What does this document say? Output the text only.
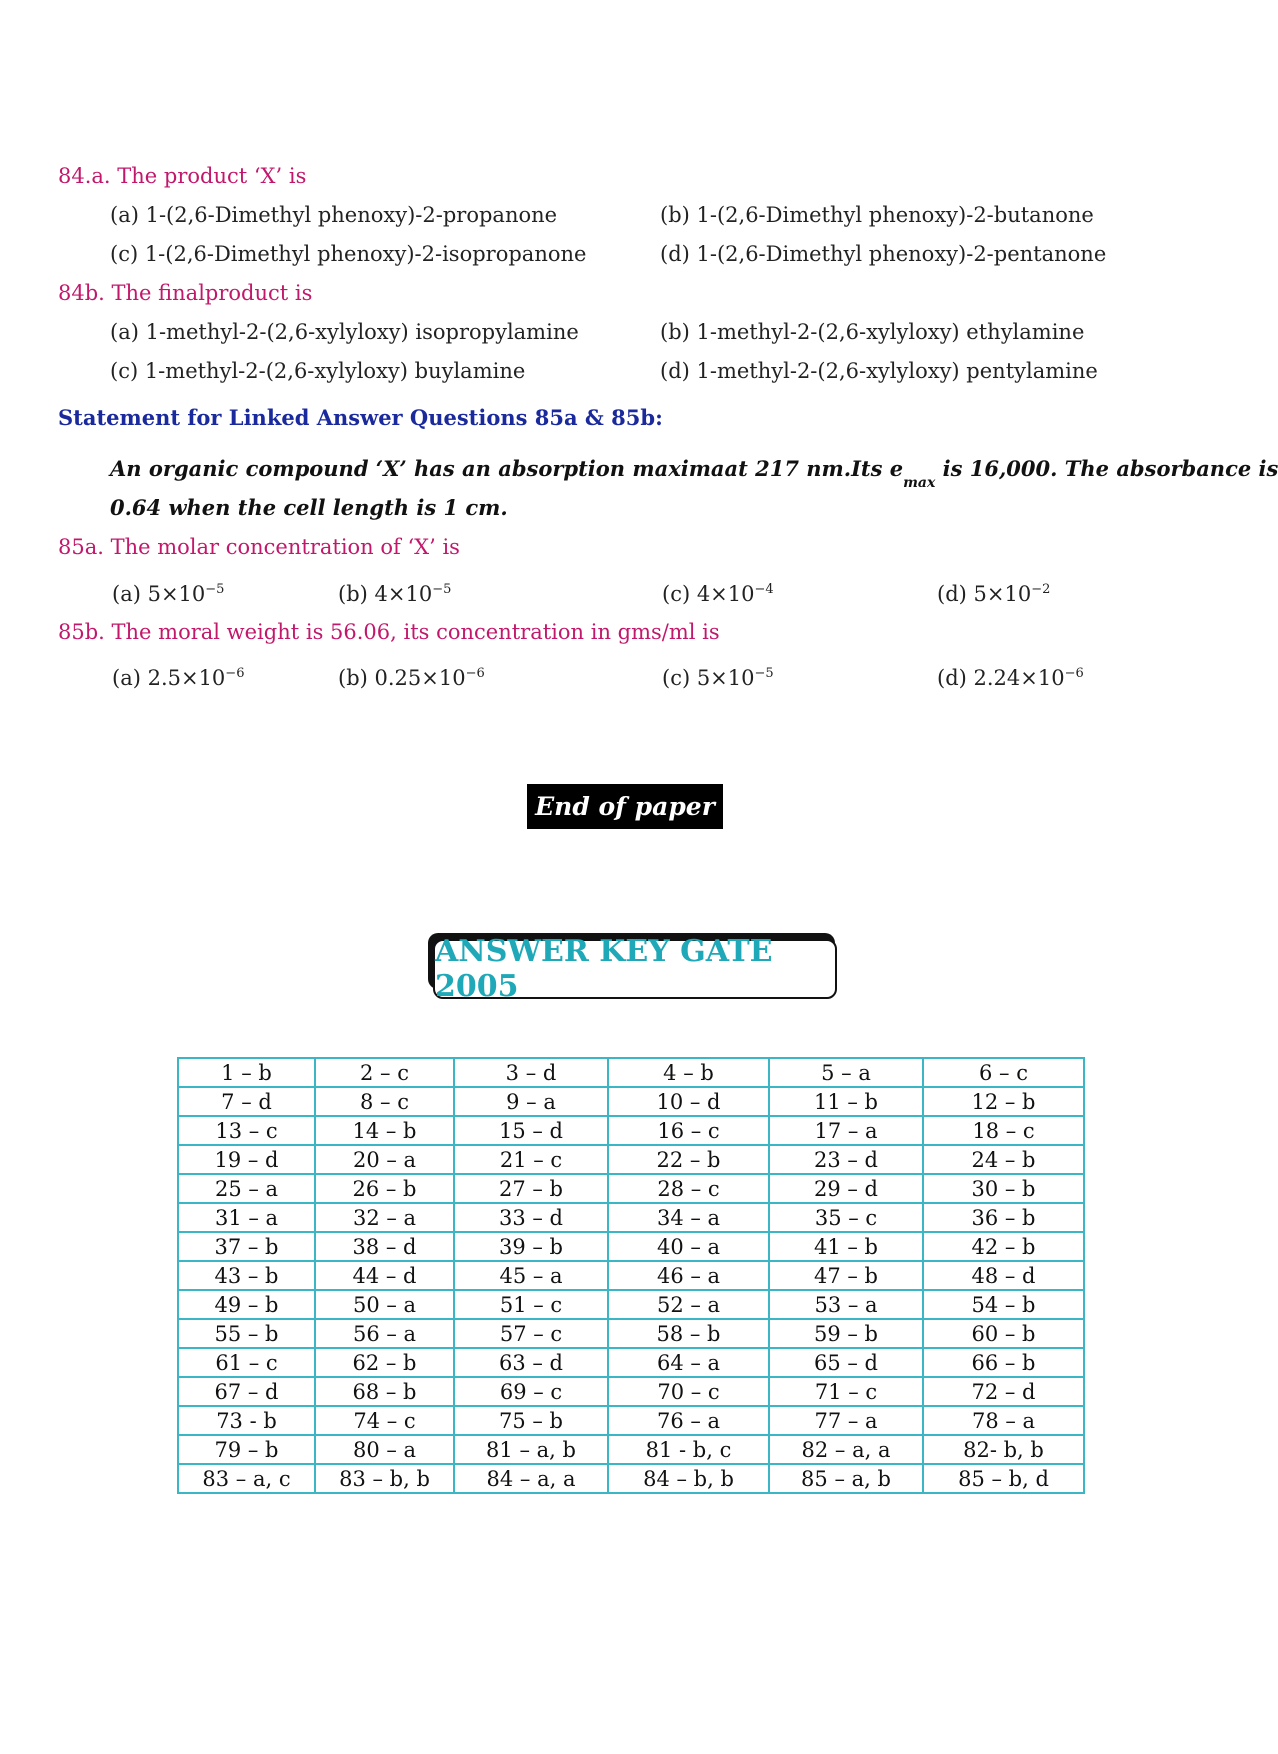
84.a. The product ‘X’ is
(a) 1-(2,6-Dimethyl phenoxy)-2-propanone	(b) 1-(2,6-Dimethyl phenoxy)-2-butanone
(c) 1-(2,6-Dimethyl phenoxy)-2-isopropanone	(d) 1-(2,6-Dimethyl phenoxy)-2-pentanone
84b. The finalproduct is
(a) 1-methyl-2-(2,6-xylyloxy) isopropylamine	(b) 1-methyl-2-(2,6-xylyloxy) ethylamine
(c) 1-methyl-2-(2,6-xylyloxy) buylamine	(d) 1-methyl-2-(2,6-xylyloxy) pentylamine
Statement for Linked Answer Questions 85a & 85b:
An organic compound ‘X’ has an absorption maximaat 217 nm.Its $e_{max}$ is 16,000. The absorbance is
0.64 when the cell length is 1 cm.
85a. The molar concentration of ‘X’ is
(a) $5\times 10^{-5}$	(b) $4\times 10^{-5}$	(c) $4\times 10^{-4}$	(d) $5\times 10^{-2}$
85b. The moral weight is 56.06, its concentration in gms/ml is
(a) $2.5\times 10^{-6}$	(b) $0.25\times 10^{-6}$	(c) $5\times 10^{-5}$	(d) $2.24\times 10^{-6}$
End of paper
ANSWER KEY GATE 2005
1 – b	2 – c	3 – d	4 – b	5 – a	6 – c
7 – d	8 – c	9 – a	10 – d	11 – b	12 – b
13 – c	14 – b	15 – d	16 – c	17 – a	18 – c
19 – d	20 – a	21 – c	22 – b	23 – d	24 – b
25 – a	26 – b	27 – b	28 – c	29 – d	30 – b
31 – a	32 – a	33 – d	34 – a	35 – c	36 – b
37 – b	38 – d	39 – b	40 – a	41 – b	42 – b
43 – b	44 – d	45 – a	46 – a	47 – b	48 – d
49 – b	50 – a	51 – c	52 – a	53 – a	54 – b
55 – b	56 – a	57 – c	58 – b	59 – b	60 – b
61 – c	62 – b	63 – d	64 – a	65 – d	66 – b
67 – d	68 – b	69 – c	70 – c	71 – c	72 – d
73 - b	74 – c	75 – b	76 – a	77 – a	78 – a
79 – b	80 – a	81 – a, b	81 - b, c	82 – a, a	82- b, b
83 – a, c	83 – b, b	84 – a, a	84 – b, b	85 – a, b	85 – b, d
